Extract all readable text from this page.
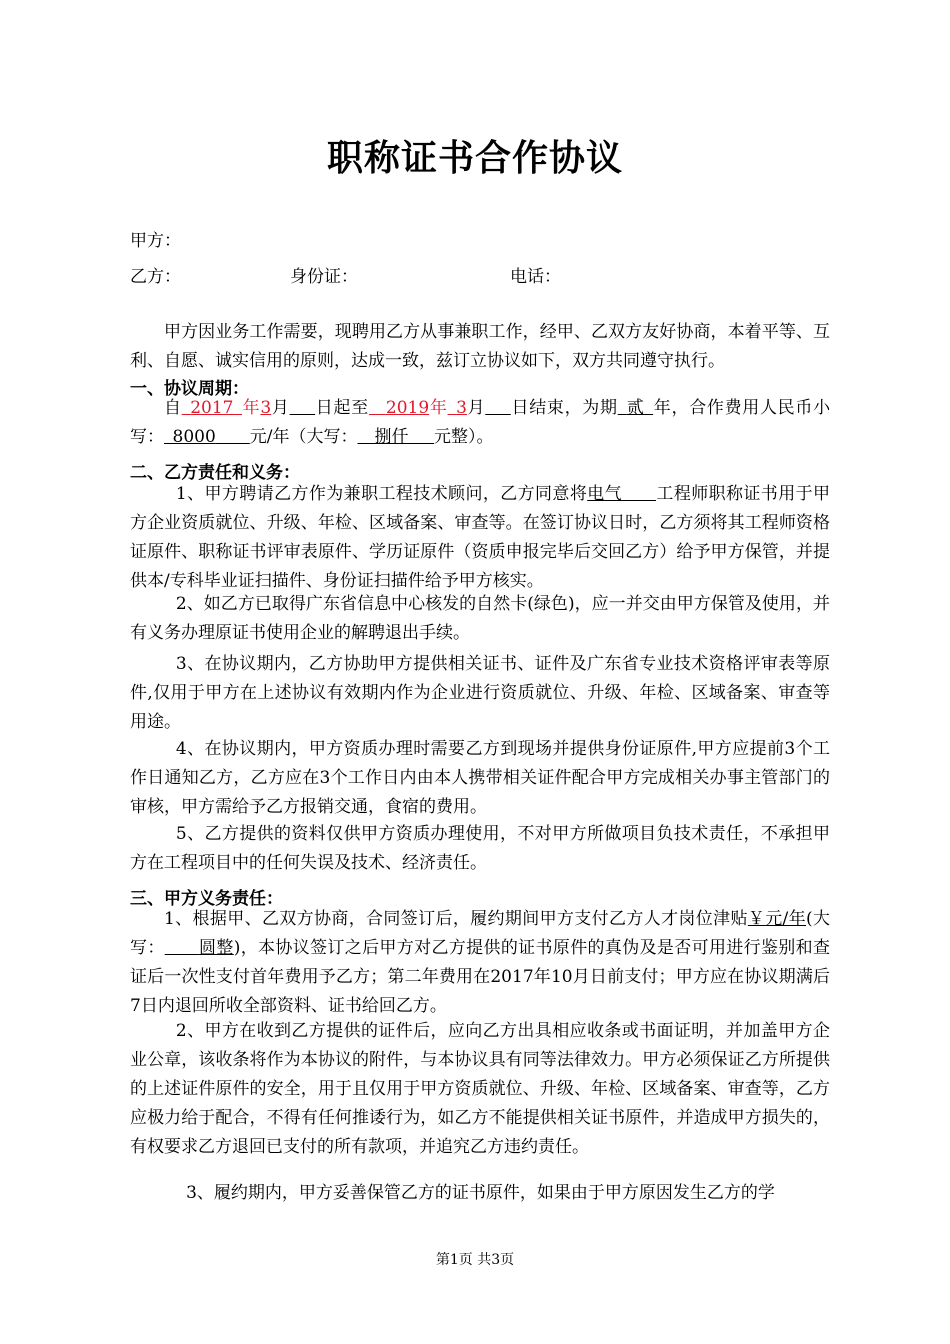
职称证书合作协议
甲方：
乙方：	身份证：	电话：
甲方因业务工作需要，现聘用乙方从事兼职工作，经甲、乙双方友好协商，本着平等、互利、自愿、诚实信用的原则，达成一致，兹订立协议如下，双方共同遵守执行。
一、协议周期：
自  2017  年3月   日起至   2019年  3月   日结束，为期  贰  年，合作费用人民币小写：  8000   元/年（大写：   捌仟   元整）。
二、乙方责任和义务：
1、甲方聘请乙方作为兼职工程技术顾问，乙方同意将电气   工程师职称证书用于甲方企业资质就位、升级、年检、区域备案、审查等。在签订协议日时，乙方须将其工程师资格证原件、职称证书评审表原件、学历证原件（资质申报完毕后交回乙方）给予甲方保管，并提供本/专科毕业证扫描件、身份证扫描件给予甲方核实。
2、如乙方已取得广东省信息中心核发的自然卡(绿色)，应一并交由甲方保管及使用，并有义务办理原证书使用企业的解聘退出手续。
3、在协议期内，乙方协助甲方提供相关证书、证件及广东省专业技术资格评审表等原件,仅用于甲方在上述协议有效期内作为企业进行资质就位、升级、年检、区域备案、审查等用途。
4、在协议期内，甲方资质办理时需要乙方到现场并提供身份证原件,甲方应提前3个工作日通知乙方，乙方应在3个工作日内由本人携带相关证件配合甲方完成相关办事主管部门的审核，甲方需给予乙方报销交通，食宿的费用。
5、乙方提供的资料仅供甲方资质办理使用，不对甲方所做项目负技术责任，不承担甲方在工程项目中的任何失误及技术、经济责任。
三、甲方义务责任：
1、根据甲、乙双方协商，合同签订后，履约期间甲方支付乙方人才岗位津贴￥元/年(大写：   圆整)，本协议签订之后甲方对乙方提供的证书原件的真伪及是否可用进行鉴别和查证后一次性支付首年费用予乙方；第二年费用在2017年10月日前支付；甲方应在协议期满后7日内退回所收全部资料、证书给回乙方。
2、甲方在收到乙方提供的证件后，应向乙方出具相应收条或书面证明，并加盖甲方企业公章，该收条将作为本协议的附件，与本协议具有同等法律效力。甲方必须保证乙方所提供的上述证件原件的安全，用于且仅用于甲方资质就位、升级、年检、区域备案、审查等，乙方应极力给于配合，不得有任何推诿行为，如乙方不能提供相关证书原件，并造成甲方损失的，有权要求乙方退回已支付的所有款项，并追究乙方违约责任。
3、履约期内，甲方妥善保管乙方的证书原件，如果由于甲方原因发生乙方的学
第1页 共3页
